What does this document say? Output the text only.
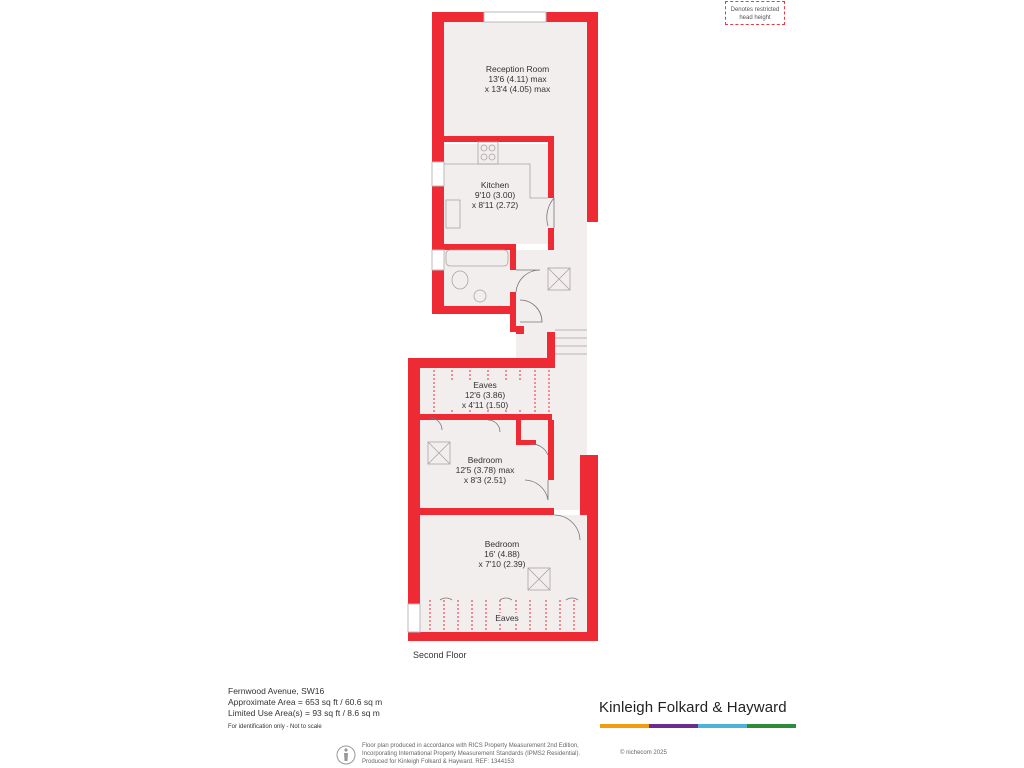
Denotes restricted
head height
Reception Room
13'6 (4.11) max
x 13'4 (4.05) max
Kitchen
9'10 (3.00)
x 8'11 (2.72)
Eaves
12'6 (3.86)
x 4'11 (1.50)
Bedroom
12'5 (3.78) max
x 8'3 (2.51)
Bedroom
16' (4.88)
x 7'10 (2.39)
Eaves
Second Floor
Fernwood Avenue, SW16
Approximate Area = 653 sq ft / 60.6 sq m
Limited Use Area(s) = 93 sq ft / 8.6 sq m
For identification only - Not to scale
Kinleigh Folkard & Hayward
Floor plan produced in accordance with RICS Property Measurement 2nd Edition,
Incorporating International Property Measurement Standards (IPMS2 Residential).
Produced for Kinleigh Folkard & Hayward. REF: 1344153
© nichecom 2025
